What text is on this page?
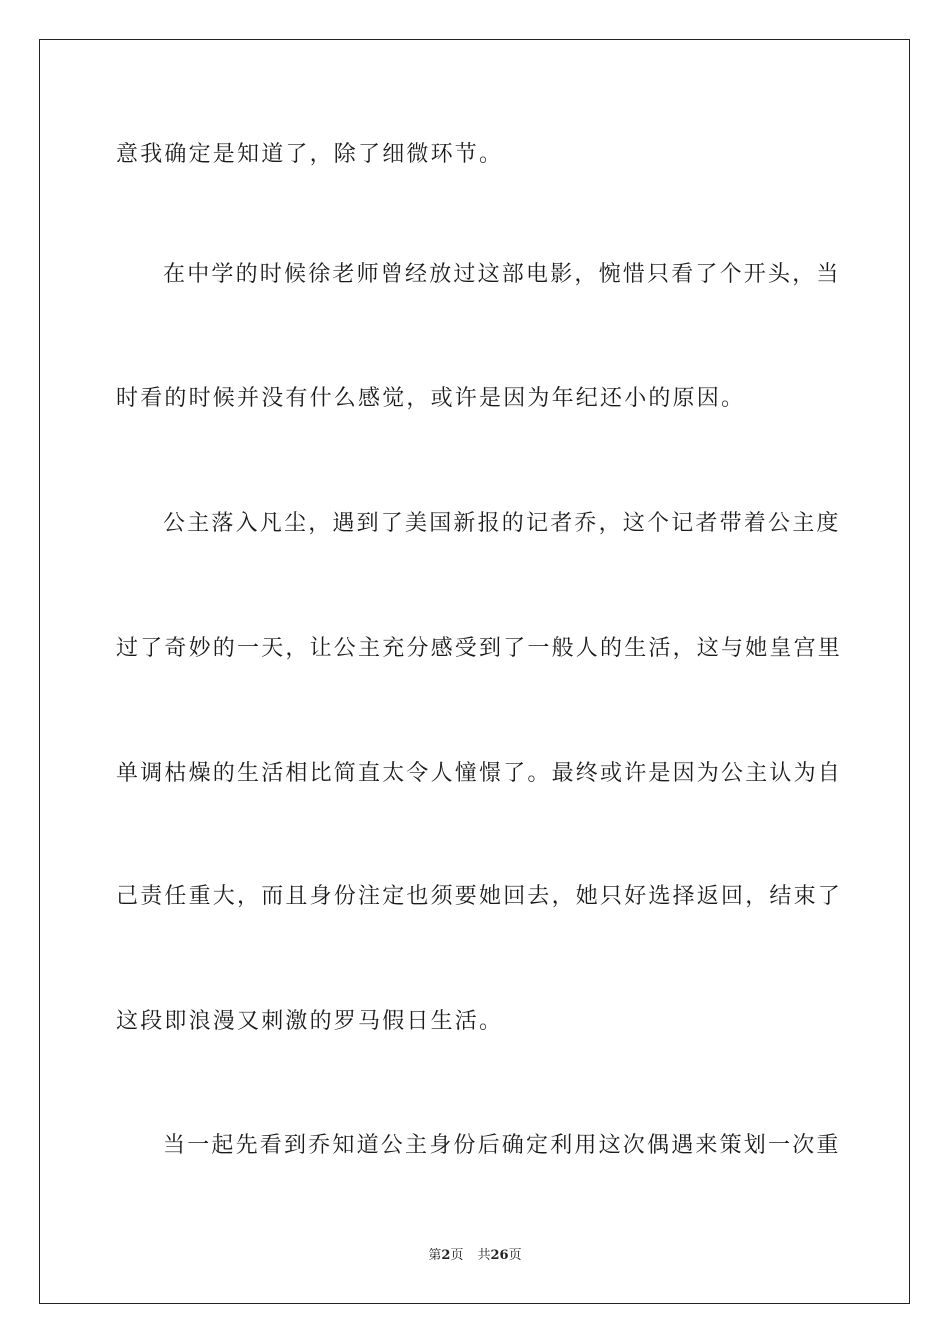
意我确定是知道了，除了细微环节。
在中学的时候徐老师曾经放过这部电影，惋惜只看了个开头，当
时看的时候并没有什么感觉，或许是因为年纪还小的原因。
公主落入凡尘，遇到了美国新报的记者乔，这个记者带着公主度
过了奇妙的一天，让公主充分感受到了一般人的生活，这与她皇宫里
单调枯燥的生活相比简直太令人憧憬了。最终或许是因为公主认为自
己责任重大，而且身份注定也须要她回去，她只好选择返回，结束了
这段即浪漫又刺激的罗马假日生活。
当一起先看到乔知道公主身份后确定利用这次偶遇来策划一次重
第2页 共26页
